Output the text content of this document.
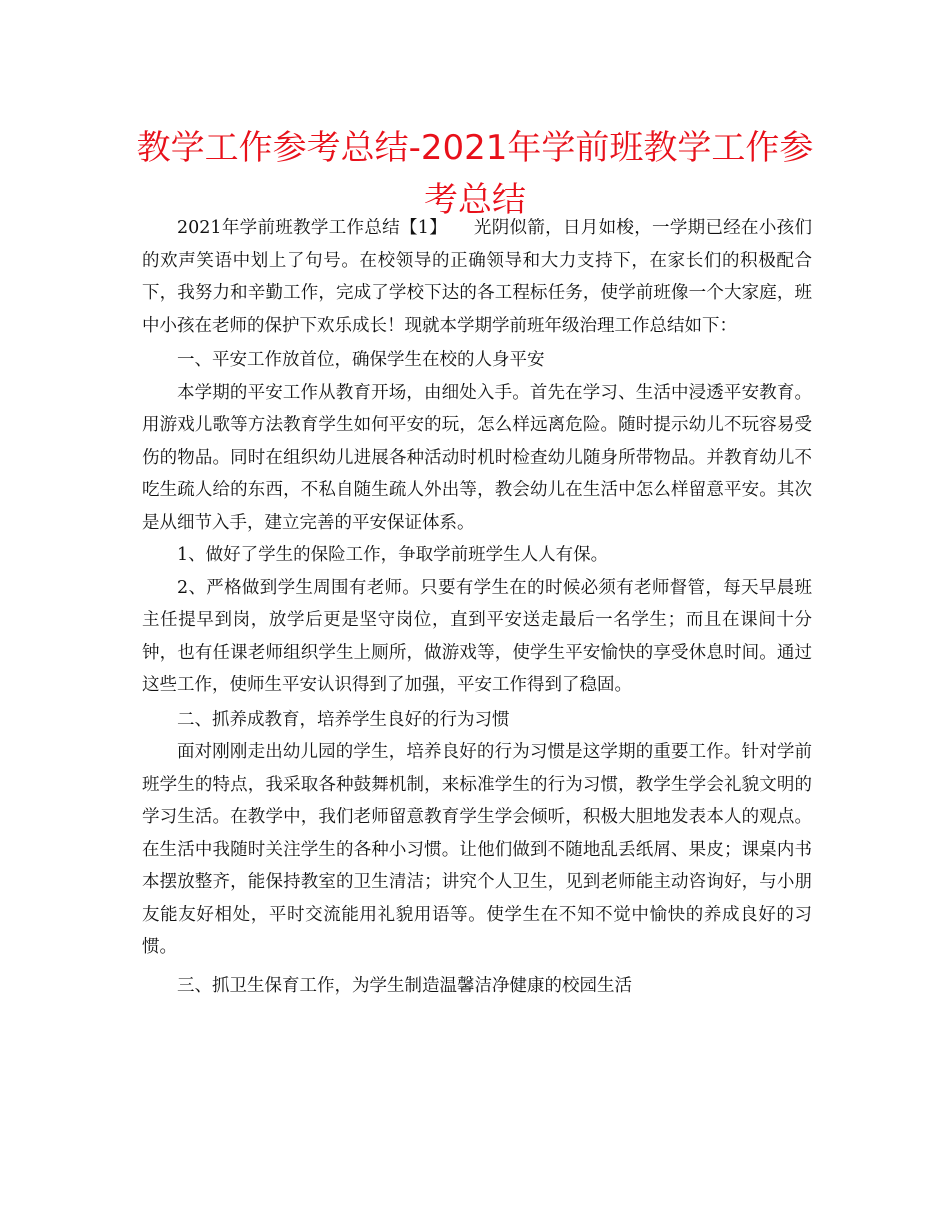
教学工作参考总结-2021年学前班教学工作参考总结

2021年学前班教学工作总结【1】　　光阴似箭，日月如梭，一学期已经在小孩们的欢声笑语中划上了句号。在校领导的正确领导和大力支持下，在家长们的积极配合下，我努力和辛勤工作，完成了学校下达的各工程标任务，使学前班像一个大家庭，班中小孩在老师的保护下欢乐成长！现就本学期学前班年级治理工作总结如下：

一、平安工作放首位，确保学生在校的人身平安

本学期的平安工作从教育开场，由细处入手。首先在学习、生活中浸透平安教育。用游戏儿歌等方法教育学生如何平安的玩，怎么样远离危险。随时提示幼儿不玩容易受伤的物品。同时在组织幼儿进展各种活动时机时检查幼儿随身所带物品。并教育幼儿不吃生疏人给的东西，不私自随生疏人外出等，教会幼儿在生活中怎么样留意平安。其次是从细节入手，建立完善的平安保证体系。

1、做好了学生的保险工作，争取学前班学生人人有保。

2、严格做到学生周围有老师。只要有学生在的时候必须有老师督管，每天早晨班主任提早到岗，放学后更是坚守岗位，直到平安送走最后一名学生；而且在课间十分钟，也有任课老师组织学生上厕所，做游戏等，使学生平安愉快的享受休息时间。通过这些工作，使师生平安认识得到了加强，平安工作得到了稳固。

二、抓养成教育，培养学生良好的行为习惯

面对刚刚走出幼儿园的学生，培养良好的行为习惯是这学期的重要工作。针对学前班学生的特点，我采取各种鼓舞机制，来标准学生的行为习惯，教学生学会礼貌文明的学习生活。在教学中，我们老师留意教育学生学会倾听，积极大胆地发表本人的观点。在生活中我随时关注学生的各种小习惯。让他们做到不随地乱丢纸屑、果皮；课桌内书本摆放整齐，能保持教室的卫生清洁；讲究个人卫生，见到老师能主动咨询好，与小朋友能友好相处，平时交流能用礼貌用语等。使学生在不知不觉中愉快的养成良好的习惯。

三、抓卫生保育工作，为学生制造温馨洁净健康的校园生活
